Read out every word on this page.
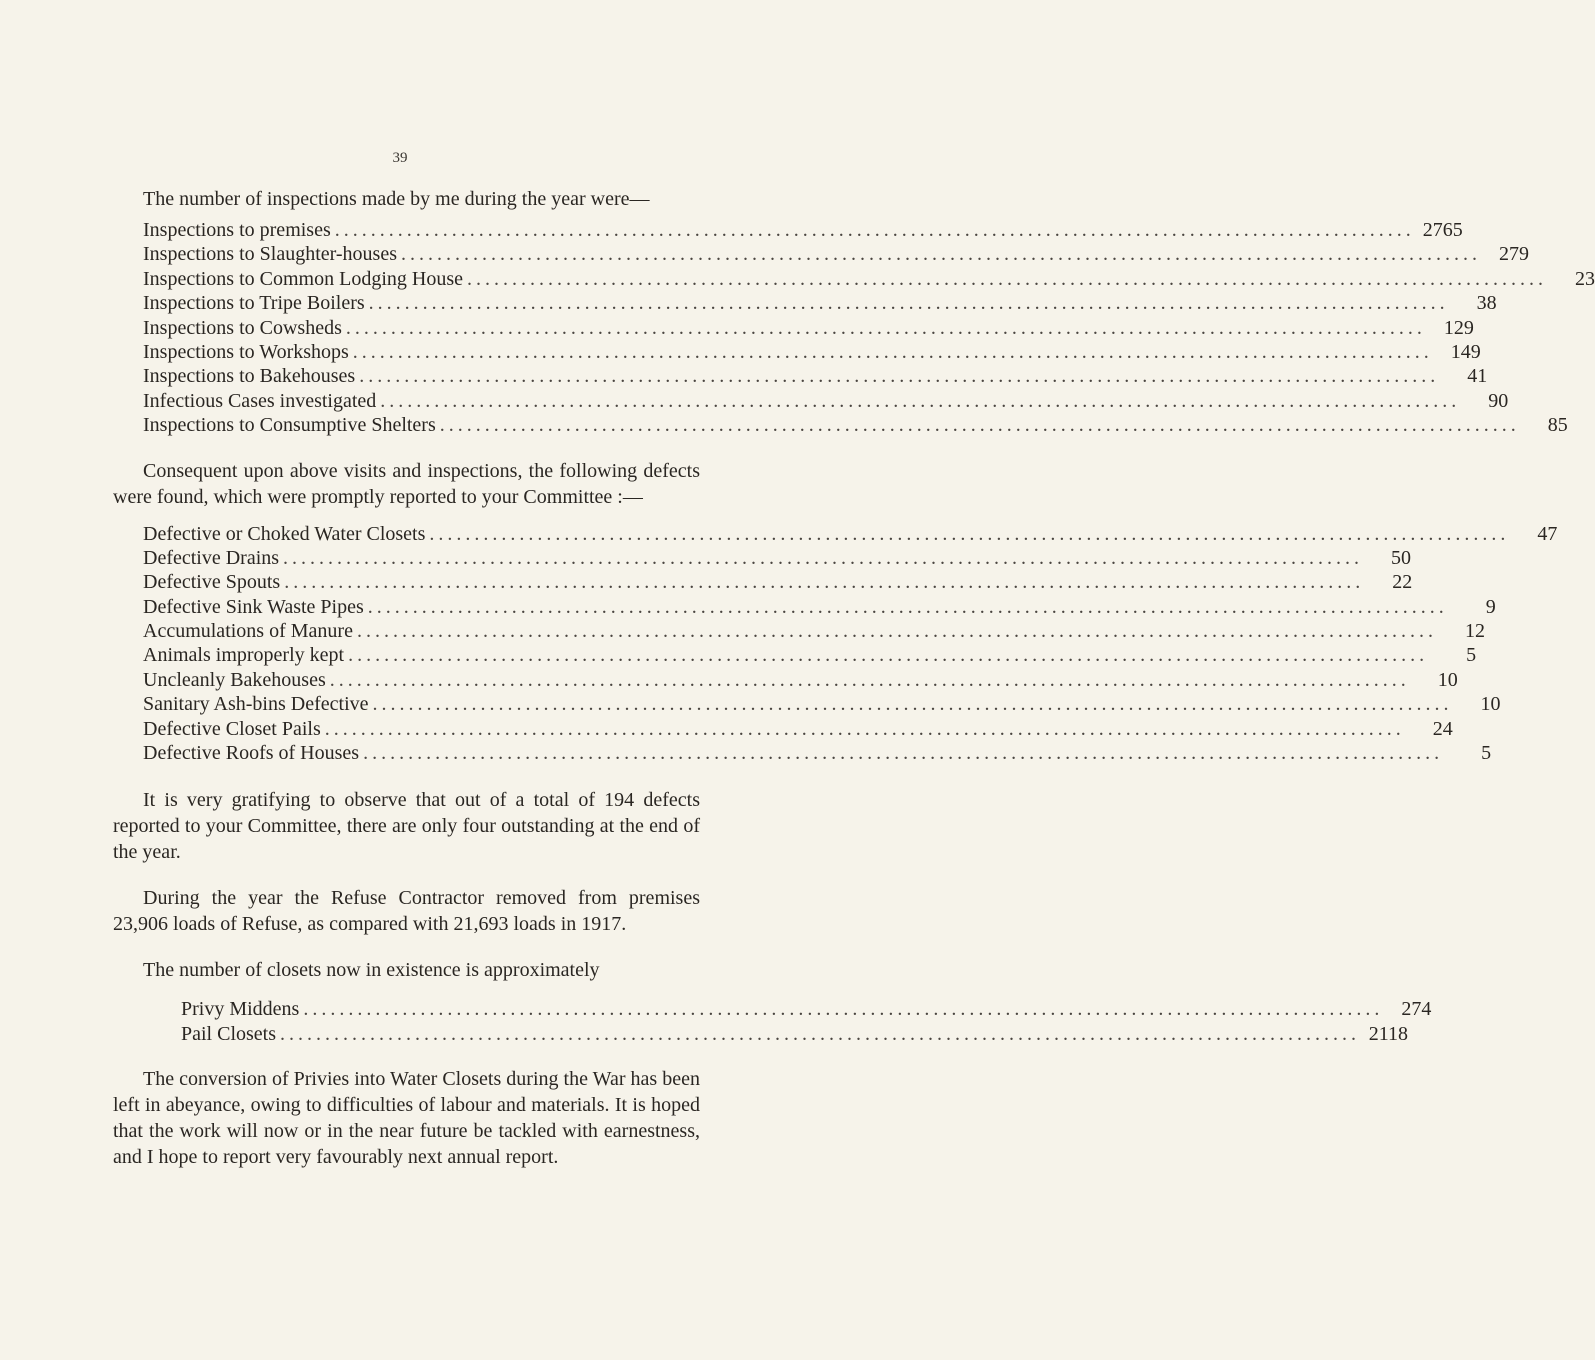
39

The number of inspections made by me during the year were—

Inspections to premises ........................................................................................................................ 2765
Inspections to Slaughter-houses ........................................................................................................................ 279
Inspections to Common Lodging House ........................................................................................................................	23
Inspections to Tripe Boilers ........................................................................................................................	38
Inspections to Cowsheds ........................................................................................................................ 129
Inspections to Workshops ........................................................................................................................ 149
Inspections to Bakehouses ........................................................................................................................	41
Infectious Cases investigated ........................................................................................................................	90
Inspections to Consumptive Shelters ........................................................................................................................	85

Consequent upon above visits and inspections, the following defects were found, which were promptly reported to your Committee :—

Defective or Choked Water Closets ........................................................................................................................	47
Defective Drains ........................................................................................................................	50
Defective Spouts ........................................................................................................................	22
Defective Sink Waste Pipes ........................................................................................................................	9
Accumulations of Manure ........................................................................................................................	12
Animals improperly kept ........................................................................................................................	5
Uncleanly Bakehouses ........................................................................................................................	10
Sanitary Ash-bins Defective ........................................................................................................................	10
Defective Closet Pails ........................................................................................................................	24
Defective Roofs of Houses ........................................................................................................................	5

It is very gratifying to observe that out of a total of 194 defects reported to your Committee, there are only four outstanding at the end of the year.

During the year the Refuse Contractor removed from premises 23,906 loads of Refuse, as compared with 21,693 loads in 1917.

The number of closets now in existence is approximately

Privy Middens ........................................................................................................................ 274
Pail Closets ........................................................................................................................ 2118

The conversion of Privies into Water Closets during the War has been left in abeyance, owing to difficulties of labour and materials. It is hoped that the work will now or in the near future be tackled with earnestness, and I hope to report very favourably next annual report.
